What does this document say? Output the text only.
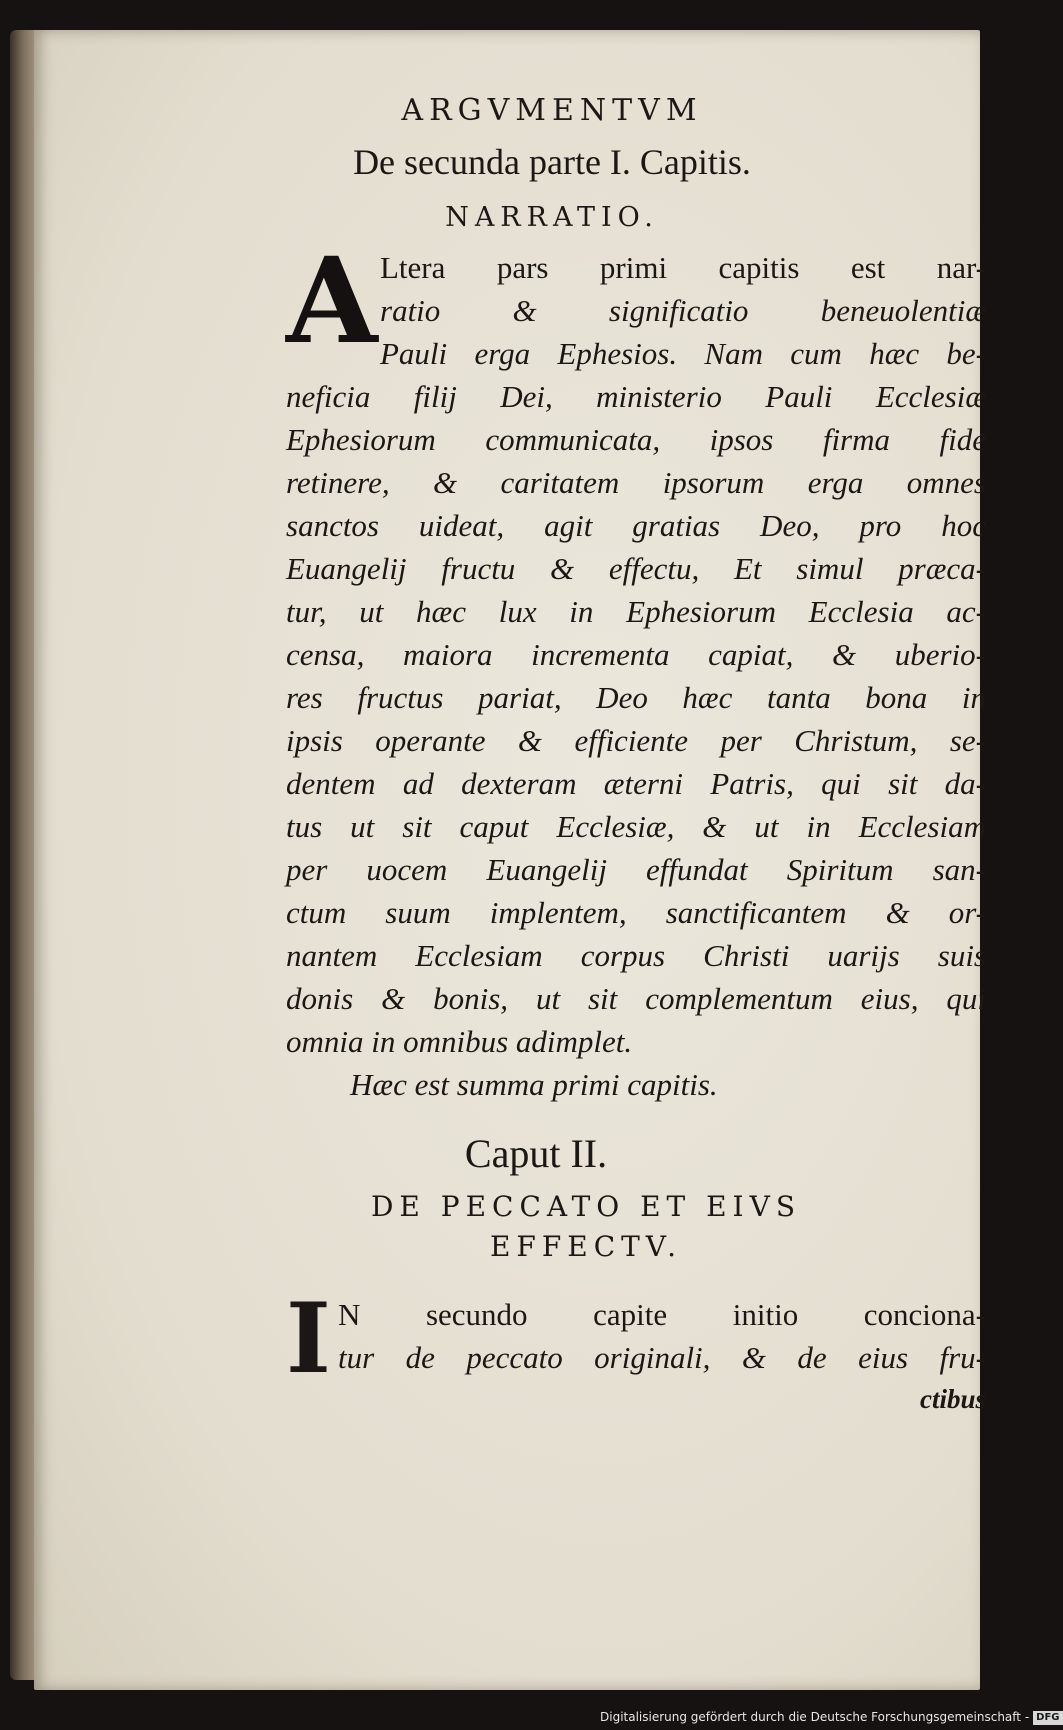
ARGVMENTVM
De secunda parte I. Capitis.
NARRATIO.
A Ltera pars primi capitis est nar-
ratio & significatio beneuolentiæ
Pauli erga Ephesios. Nam cum hæc be-
neficia filij Dei, ministerio Pauli Ecclesiæ
Ephesiorum communicata, ipsos firma fide
retinere, & caritatem ipsorum erga omnes
sanctos uideat, agit gratias Deo, pro hoc
Euangelij fructu & effectu, Et simul præca-
tur, ut hæc lux in Ephesiorum Ecclesia ac-
censa, maiora incrementa capiat, & uberio-
res fructus pariat, Deo hæc tanta bona in
ipsis operante & efficiente per Christum, se-
dentem ad dexteram æterni Patris, qui sit da-
tus ut sit caput Ecclesiæ, & ut in Ecclesiam
per uocem Euangelij effundat Spiritum san-
ctum suum implentem, sanctificantem & or-
nantem Ecclesiam corpus Christi uarijs suis
donis & bonis, ut sit complementum eius, qui
omnia in omnibus adimplet.
Hæc est summa primi capitis.
Caput II.
DE PECCATO ET EIVS
EFFECTV.
I N secundo capite initio conciona-
tur de peccato originali, & de eius fru-
ctibus
Digitalisierung gefördert durch die Deutsche Forschungsgemeinschaft - DFG
